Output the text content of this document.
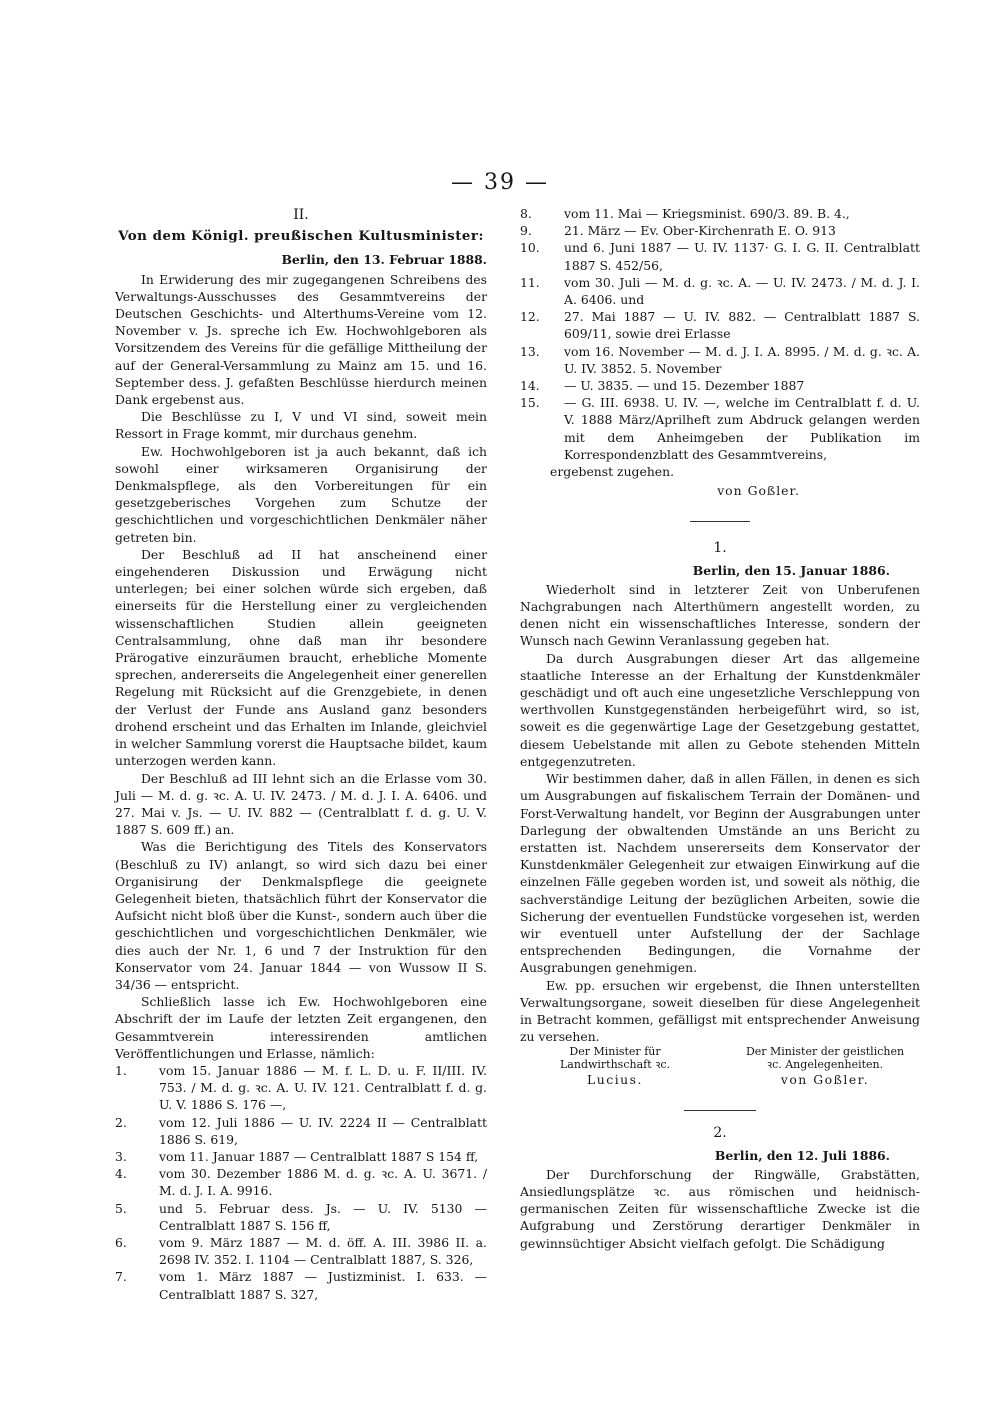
— 39 —
II.
Von dem Königl. preußischen Kultusminister:
Berlin, den 13. Februar 1888.

In Erwiderung des mir zugegangenen Schreibens des Verwaltungs-Ausschusses des Gesammtvereins der Deutschen Geschichts- und Alterthums-Vereine vom 12. November v. Js. spreche ich Ew. Hochwohlgeboren als Vorsitzendem des Vereins für die gefällige Mittheilung der auf der General-Versammlung zu Mainz am 15. und 16. September dess. J. gefaßten Beschlüsse hierdurch meinen Dank ergebenst aus.

Die Beschlüsse zu I, V und VI sind, soweit mein Ressort in Frage kommt, mir durchaus genehm.

Ew. Hochwohlgeboren ist ja auch bekannt, daß ich sowohl einer wirksameren Organisirung der Denkmalspflege, als den Vorbereitungen für ein gesetzgeberisches Vorgehen zum Schutze der geschichtlichen und vorgeschichtlichen Denkmäler näher getreten bin.

Der Beschluß ad II hat anscheinend einer eingehenderen Diskussion und Erwägung nicht unterlegen; bei einer solchen würde sich ergeben, daß einerseits für die Herstellung einer zu vergleichenden wissenschaftlichen Studien allein geeigneten Centralsammlung, ohne daß man ihr besondere Prärogative einzuräumen braucht, erhebliche Momente sprechen, andererseits die Angelegenheit einer generellen Regelung mit Rücksicht auf die Grenzgebiete, in denen der Verlust der Funde ans Ausland ganz besonders drohend erscheint und das Erhalten im Inlande, gleichviel in welcher Sammlung vorerst die Hauptsache bildet, kaum unterzogen werden kann.

Der Beschluß ad III lehnt sich an die Erlasse vom 30. Juli — M. d. g. ꝛc. A. U. IV. 2473. / M. d. J. I. A. 6406. und 27. Mai v. Js. — U. IV. 882 — (Centralblatt f. d. g. U. V. 1887 S. 609 ff.) an.

Was die Berichtigung des Titels des Konservators (Beschluß zu IV) anlangt, so wird sich dazu bei einer Organisirung der Denkmalspflege die geeignete Gelegenheit bieten, thatsächlich führt der Konservator die Aufsicht nicht bloß über die Kunst-, sondern auch über die geschichtlichen und vorgeschichtlichen Denkmäler, wie dies auch der Nr. 1, 6 und 7 der Instruktion für den Konservator vom 24. Januar 1844 — von Wussow II S. 34/36 — entspricht.

Schließlich lasse ich Ew. Hochwohlgeboren eine Abschrift der im Laufe der letzten Zeit ergangenen, den Gesammtverein interessirenden amtlichen Veröffentlichungen und Erlasse, nämlich:

1.	vom 15. Januar 1886 — M. f. L. D. u. F. II/III. IV. 753. / M. d. g. ꝛc. A. U. IV. 121. Centralblatt f. d. g. U. V. 1886 S. 176 —,
2.	vom 12. Juli 1886 — U. IV. 2224 II — Centralblatt 1886 S. 619,
3.	vom 11. Januar 1887 — Centralblatt 1887 S 154 ff,
4.	vom 30. Dezember 1886 M. d. g. ꝛc. A. U. 3671. / M. d. J. I. A. 9916.
5.	und 5. Februar dess. Js. — U. IV. 5130 — Centralblatt 1887 S. 156 ff,
6.	vom 9. März 1887 — M. d. öff. A. III. 3986 II. a. 2698 IV. 352. I. 1104 — Centralblatt 1887, S. 326,
7.	vom 1. März 1887 — Justizminist. I. 633. — Centralblatt 1887 S. 327,
8.	vom 11. Mai — Kriegsminist. 690/3. 89. B. 4.,
9.	21. März — Ev. Ober-Kirchenrath E. O. 913
10.	und 6. Juni 1887 — U. IV. 1137· G. I. G. II. Centralblatt 1887 S. 452/56,
11.	vom 30. Juli — M. d. g. ꝛc. A. — U. IV. 2473. / M. d. J. I. A. 6406. und
12.	27. Mai 1887 — U. IV. 882. — Centralblatt 1887 S. 609/11, sowie drei Erlasse
13.	vom 16. November — M. d. J. I. A. 8995. / M. d. g. ꝛc. A. U. IV. 3852. 5. November
14.	— U. 3835. — und 15. Dezember 1887
15.	— G. III. 6938. U. IV. —, welche im Centralblatt f. d. U. V. 1888 März/Aprilheft zum Abdruck gelangen werden mit dem Anheimgeben der Publikation im Korrespondenzblatt des Gesammtvereins,

ergebenst zugehen.

von Goßler.
1.
Berlin, den 15. Januar 1886.

Wiederholt sind in letzterer Zeit von Unberufenen Nachgrabungen nach Alterthümern angestellt worden, zu denen nicht ein wissenschaftliches Interesse, sondern der Wunsch nach Gewinn Veranlassung gegeben hat.

Da durch Ausgrabungen dieser Art das allgemeine staatliche Interesse an der Erhaltung der Kunstdenkmäler geschädigt und oft auch eine ungesetzliche Verschleppung von werthvollen Kunstgegenständen herbeigeführt wird, so ist, soweit es die gegenwärtige Lage der Gesetzgebung gestattet, diesem Uebelstande mit allen zu Gebote stehenden Mitteln entgegenzutreten.

Wir bestimmen daher, daß in allen Fällen, in denen es sich um Ausgrabungen auf fiskalischem Terrain der Domänen- und Forst-Verwaltung handelt, vor Beginn der Ausgrabungen unter Darlegung der obwaltenden Umstände an uns Bericht zu erstatten ist. Nachdem unsererseits dem Konservator der Kunstdenkmäler Gelegenheit zur etwaigen Einwirkung auf die einzelnen Fälle gegeben worden ist, und soweit als nöthig, die sachverständige Leitung der bezüglichen Arbeiten, sowie die Sicherung der eventuellen Fundstücke vorgesehen ist, werden wir eventuell unter Aufstellung der der Sachlage entsprechenden Bedingungen, die Vornahme der Ausgrabungen genehmigen.

Ew. pp. ersuchen wir ergebenst, die Ihnen unterstellten Verwaltungsorgane, soweit dieselben für diese Angelegenheit in Betracht kommen, gefälligst mit entsprechender Anweisung zu versehen.

Der Minister für Landwirthschaft ꝛc.
Lucius.
Der Minister der geistlichen ꝛc. Angelegenheiten.
von Goßler.
2.
Berlin, den 12. Juli 1886.

Der Durchforschung der Ringwälle, Grabstätten, Ansiedlungsplätze ꝛc. aus römischen und heidnisch-germanischen Zeiten für wissenschaftliche Zwecke ist die Aufgrabung und Zerstörung derartiger Denkmäler in gewinnsüchtiger Absicht vielfach gefolgt. Die Schädigung
